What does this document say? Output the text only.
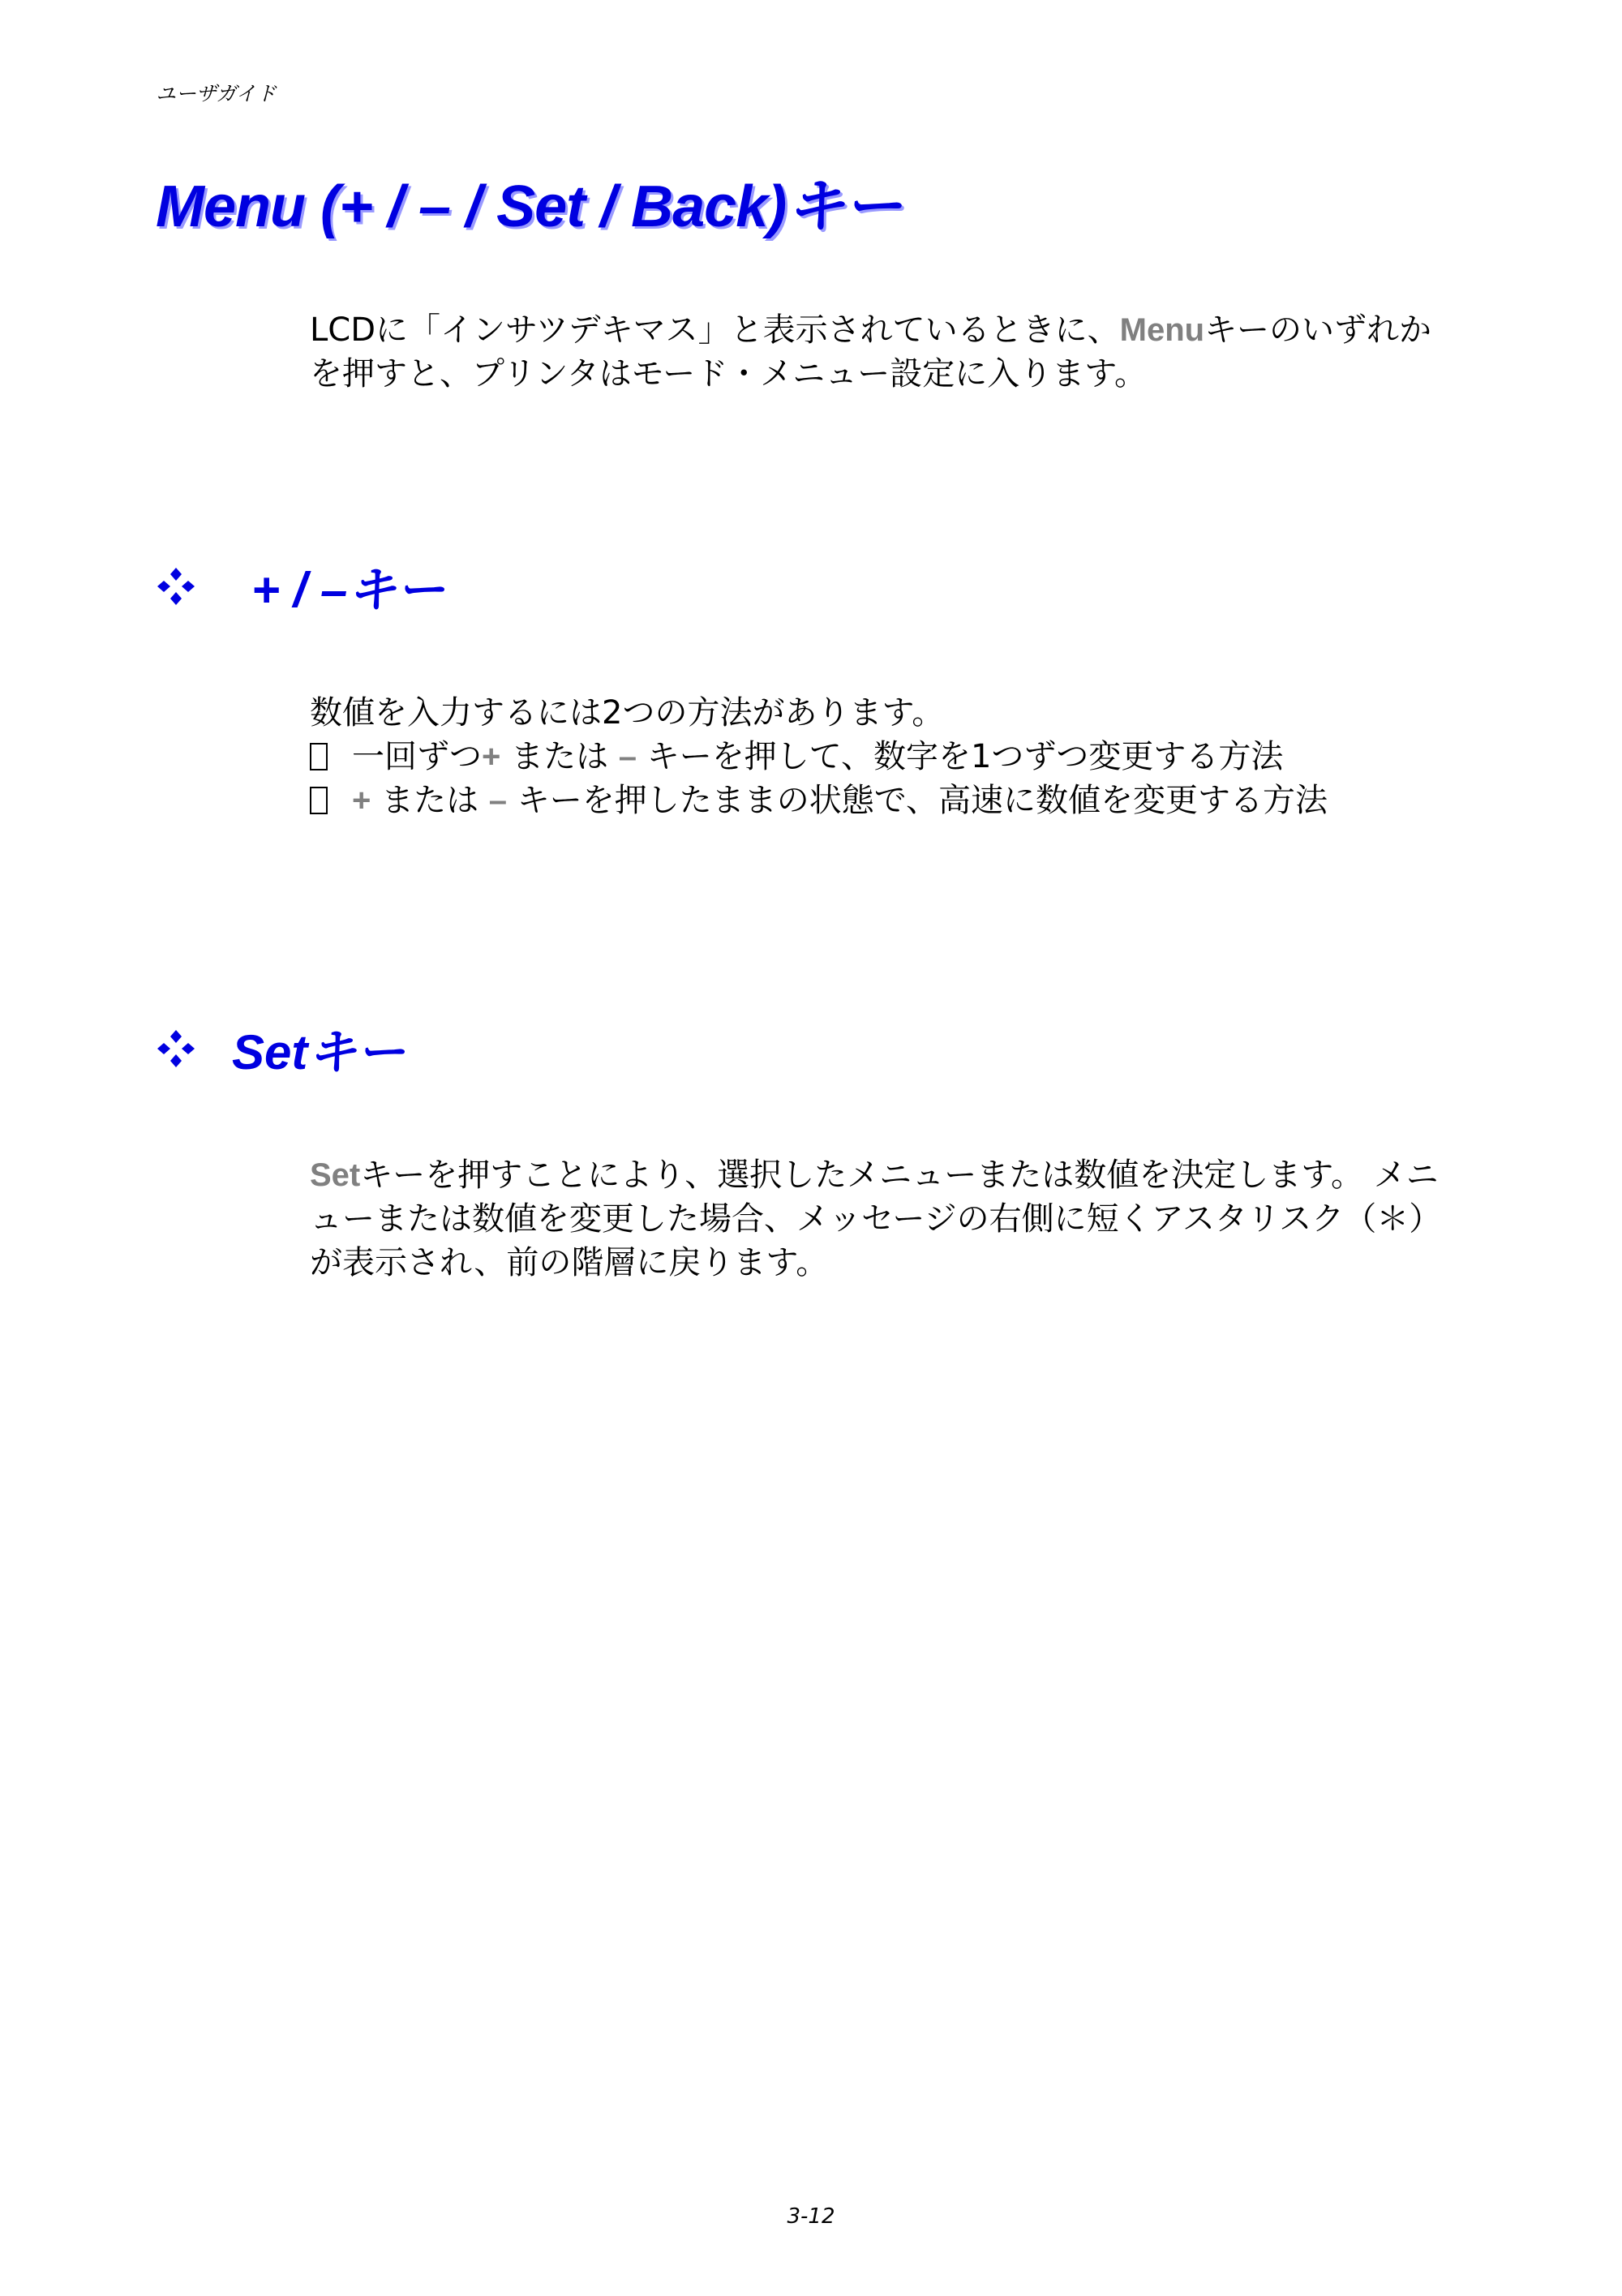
ユーザガイド
Menu (+ / – / Set / Back)キー
LCDに「インサツデキマス」と表示されているときに、Menuキーのいずれか
を押すと、プリンタはモード・メニュー設定に入ります。
+ / –キー
数値を入力するには2つの方法があります。
一回ずつ+ または – キーを押して、数字を1つずつ変更する方法
+ または – キーを押したままの状態で、高速に数値を変更する方法
Setキー
Setキーを押すことにより、選択したメニューまたは数値を決定します。 メニ
ューまたは数値を変更した場合、メッセージの右側に短くアスタリスク（＊）
が表示され、前の階層に戻ります。
3-12
